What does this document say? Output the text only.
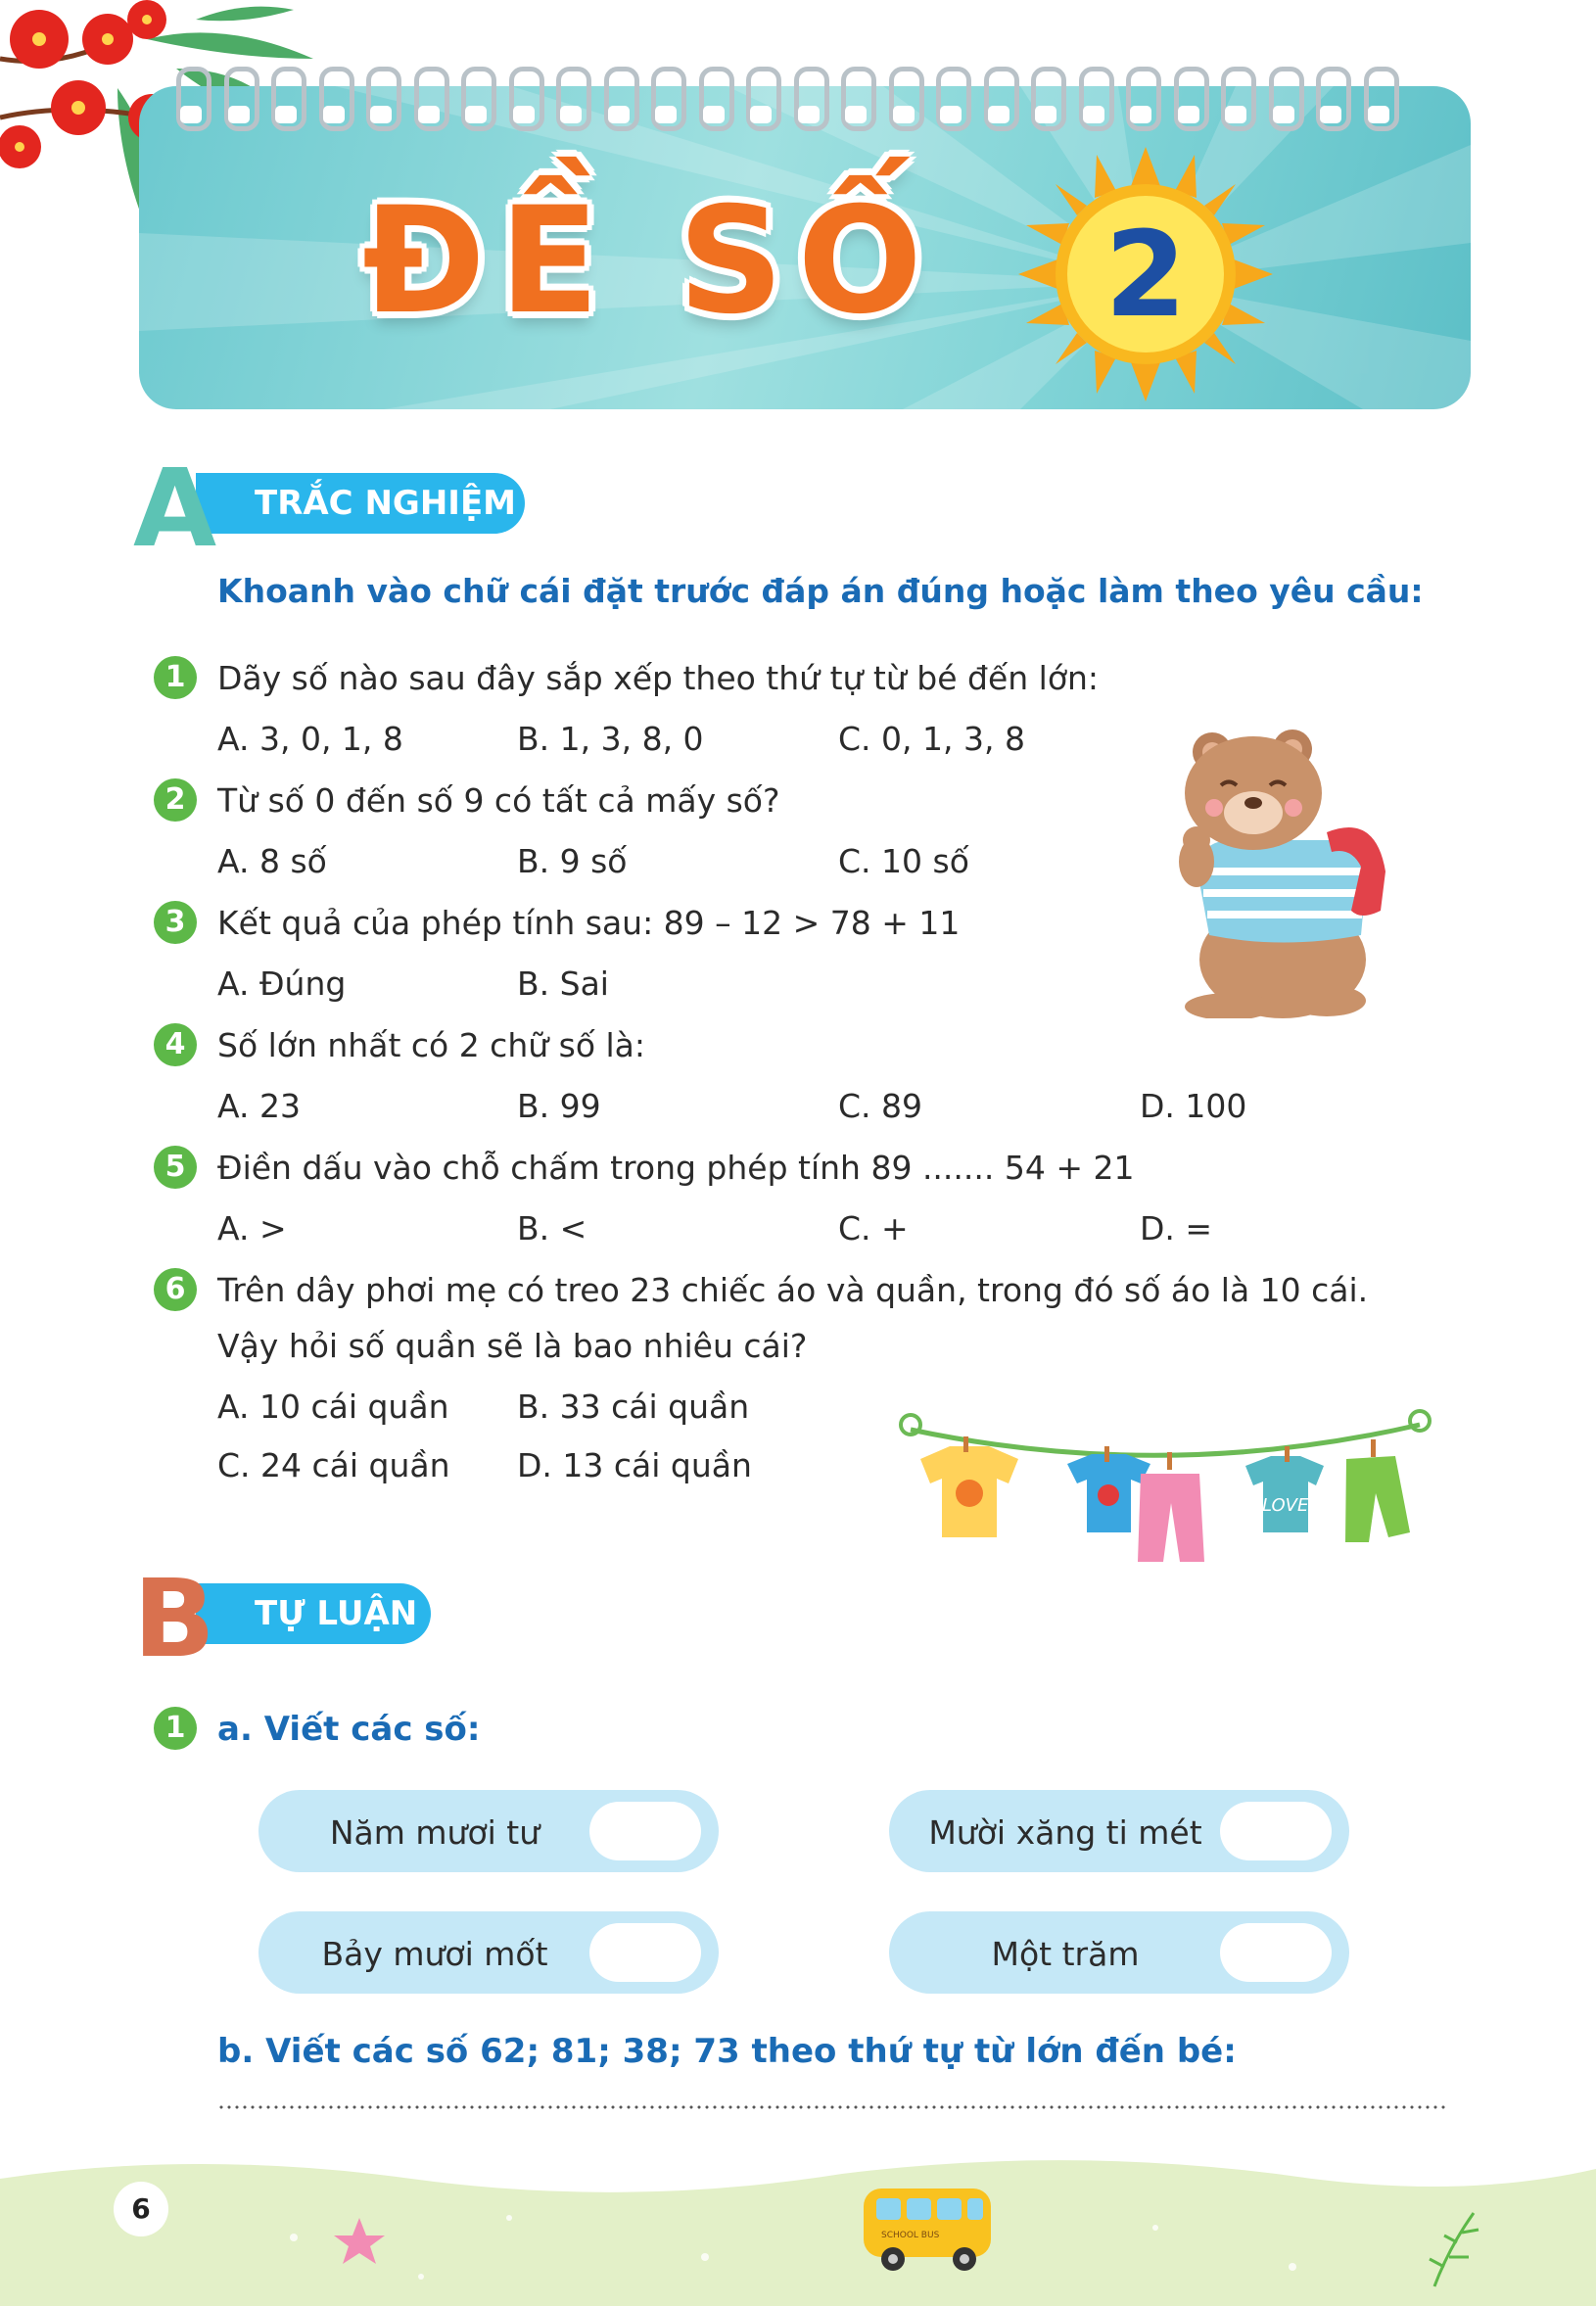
ĐỀ SỐ 2
TRẮC NGHIỆM
A
Khoanh vào chữ cái đặt trước đáp án đúng hoặc làm theo yêu cầu:
1 Dãy số nào sau đây sắp xếp theo thứ tự từ bé đến lớn:
A. 3, 0, 1, 8	B. 1, 3, 8, 0	C. 0, 1, 3, 8
2 Từ số 0 đến số 9 có tất cả mấy số?
A. 8 số	B. 9 số	C. 10 số
3 Kết quả của phép tính sau: 89 – 12 > 78 + 11
A. Đúng	B. Sai
4 Số lớn nhất có 2 chữ số là:
A. 23	B. 99	C. 89	D. 100
5 Điền dấu vào chỗ chấm trong phép tính 89 ....... 54 + 21
A. >	B. <	C. +	D. =
6 Trên dây phơi mẹ có treo 23 chiếc áo và quần, trong đó số áo là 10 cái.
Vậy hỏi số quần sẽ là bao nhiêu cái?
A. 10 cái quần B. 33 cái quần
C. 24 cái quần D. 13 cái quần
LOVE
TỰ LUẬN
B
1 a. Viết các số:
Năm mươi tư	Mười xăng ti mét
Bảy mươi mốt	Một trăm
b. Viết các số 62; 81; 38; 73 theo thứ tự từ lớn đến bé:
SCHOOL BUS
6
